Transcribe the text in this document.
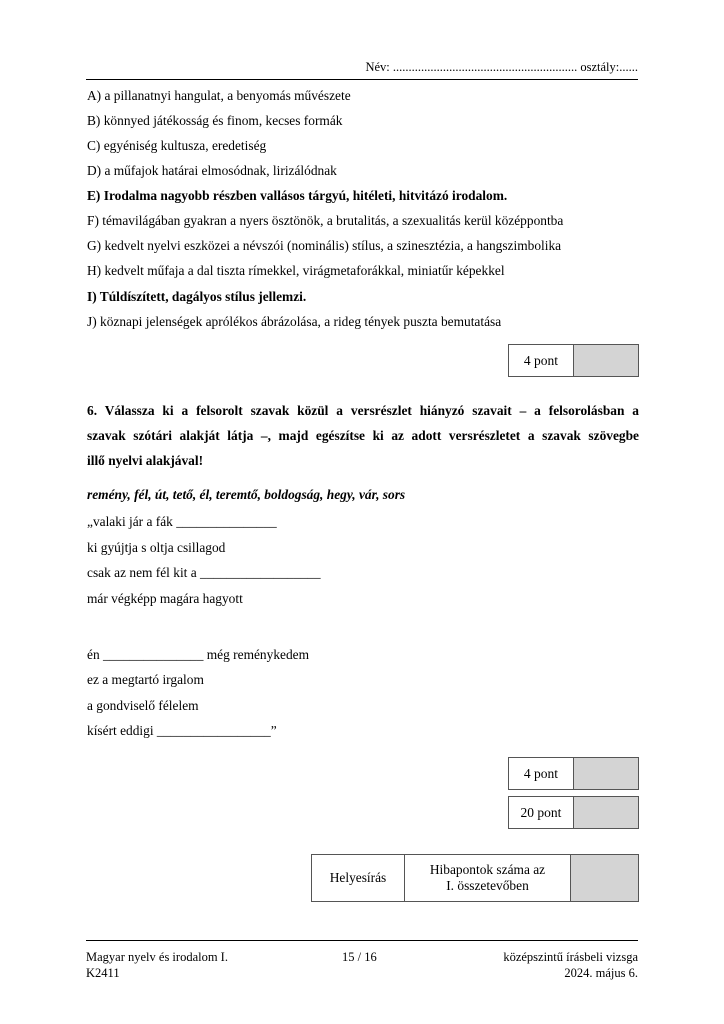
Név: ........................................................... osztály:......
A) a pillanatnyi hangulat, a benyomás művészete
B) könnyed játékosság és finom, kecses formák
C) egyéniség kultusza, eredetiség
D) a műfajok határai elmosódnak, lirizálódnak
E) Irodalma nagyobb részben vallásos tárgyú, hitéleti, hitvitázó irodalom.
F) témavilágában gyakran a nyers ösztönök, a brutalitás, a szexualitás kerül középpontba
G) kedvelt nyelvi eszközei a névszói (nominális) stílus, a szinesztézia, a hangszimbolika
H) kedvelt műfaja a dal tiszta rímekkel, virágmetaforákkal, miniatűr képekkel
I) Túldíszített, dagályos stílus jellemzi.
J) köznapi jelenségek aprólékos ábrázolása, a rideg tények puszta bemutatása
4 pont
6. Válassza ki a felsorolt szavak közül a versrészlet hiányzó szavait – a felsorolásban a
szavak szótári alakját látja –, majd egészítse ki az adott versrészletet a szavak szövegbe
illő nyelvi alakjával!
remény, fél, út, tető, él, teremtő, boldogság, hegy, vár, sors
„valaki jár a fák _______________
ki gyújtja s oltja csillagod
csak az nem fél kit a __________________
már végképp magára hagyott
én _______________ még reménykedem
ez a megtartó irgalom
a gondviselő félelem
kísért eddigi _________________”
4 pont
20 pont
Helyesírás
Hibapontok száma az
I. összetevőben
Magyar nyelv és irodalom I.
K2411
15 / 16	középszintű írásbeli vizsga
2024. május 6.
